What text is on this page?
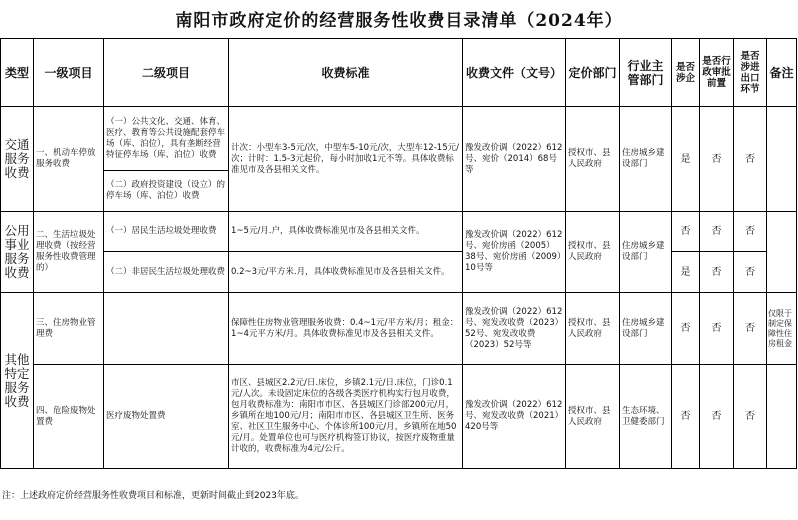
南阳市政府定价的经营服务性收费目录清单（2024年）
类型	一级项目	二级项目	收费标准	收费文件（文号）	定价部门	行业主管部门	是否涉企	是否行政审批前置	是否涉进出口环节	备注
交通服务收费	一、机动车停放服务收费	（一）公共文化、交通、体育、医疗、教育等公共设施配套停车场（库、泊位），具有垄断经营特征停车场（库、泊位）收费	计次：小型车3-5元/次，中型车5-10元/次，大型车12-15元/次；计时：1.5-3元起价，每小时加收1元不等。具体收费标准见市及各县相关文件。	豫发改价调（2022）612号、宛价（2014）68号等	授权市、县人民政府	住房城乡建设部门	是	否	否	
		（二）政府投资建设（设立）的停车场（库、泊位）收费								
公用事业服务收费	二、生活垃圾处理收费（按经营服务性收费管理的）	（一）居民生活垃圾处理收费	1~5元/月.户，具体收费标准见市及各县相关文件。	豫发改价调（2022）612号、宛价房函（2005）38号、宛价房函（2009）10号等	授权市、县人民政府	住房城乡建设部门	否	否	否	
		（二）非居民生活垃圾处理收费	0.2~3元/平方米.月，具体收费标准见市及各县相关文件。				是	否	否	
其他特定服务收费	三、住房物业管理费		保障性住房物业管理服务收费：0.4~1元/平方米/月；租金：1~4元平方米/月。具体收费标准见市及各县相关文件。	豫发改价调（2022）612号、宛发改收费（2023）52号、宛发改收费（2023）52号等	授权市、县人民政府	住房城乡建设部门	否	否	否	仅限于制定保障性住房租金
	四、危险废物处置费	医疗废物处置费	市区、县城区2.2元/日.床位，乡镇2.1元/日.床位，门诊0.1元/人次。未设固定床位的各级各类医疗机构实行包月收费，包月收费标准为：南阳市市区、各县城区门诊部200元/月，乡镇所在地100元/月；南阳市市区、各县城区卫生所、医务室、社区卫生服务中心、个体诊所100元/月，乡镇所在地50元/月。处置单位也可与医疗机构签订协议，按医疗废物重量计收的，收费标准为4元/公斤。	豫发改价调（2022）612号、宛发改收费（2021）420号等	授权市、县人民政府	生态环境、卫健委部门	否	否	否	
注：上述政府定价经营服务性收费项目和标准，更新时间截止到2023年底。
